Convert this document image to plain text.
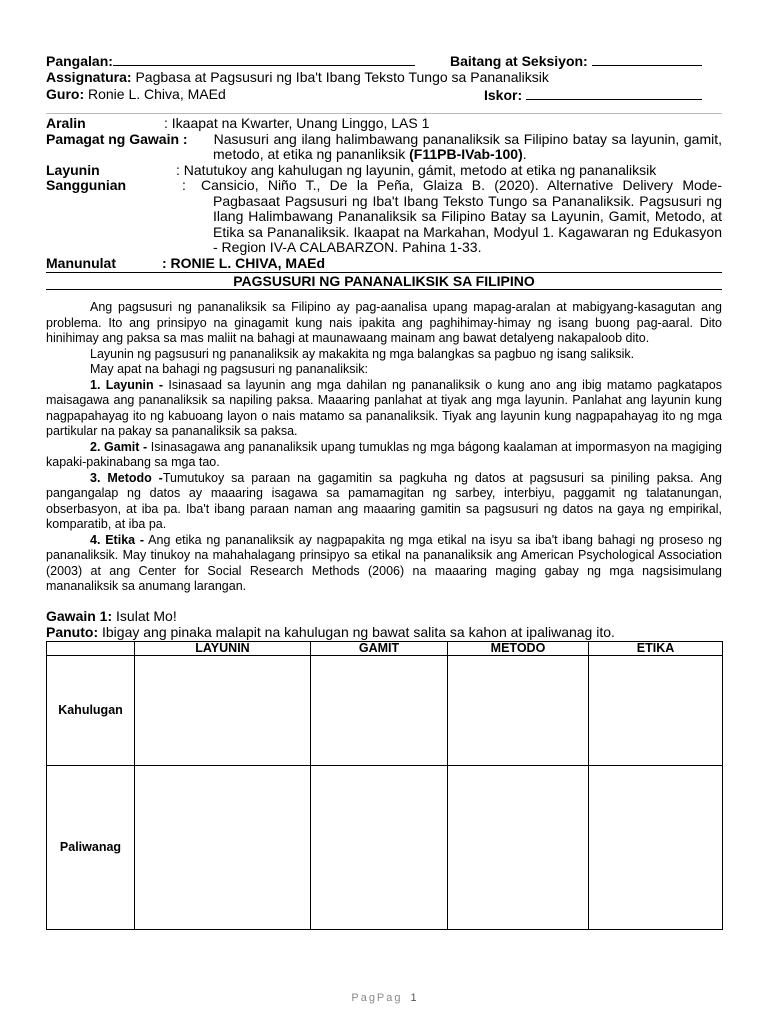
Pangalan:	Baitang at Seksiyon:
Assignatura: Pagbasa at Pagsusuri ng Iba't Ibang Teksto Tungo sa Pananaliksik
Guro: Ronie L. Chiva, MAEd	Iskor:
Aralin	: Ikaapat na Kwarter, Unang Linggo, LAS 1
Pamagat ng Gawain : Nasusuri ang ilang halimbawang pananaliksik sa Filipino batay sa layunin, gamit, metodo, at etika ng pananliksik (F11PB-IVab-100).
Layunin	: Natutukoy ang kahulugan ng layunin, gámit, metodo at etika ng pananaliksik
Sanggunian	:	Cansicio, Niño T., De la Peña, Glaiza B. (2020). Alternative Delivery Mode- Pagbasaat Pagsusuri ng Iba't Ibang Teksto Tungo sa Pananaliksik. Pagsusuri ng Ilang Halimbawang Pananaliksik sa Filipino Batay sa Layunin, Gamit, Metodo, at Etika sa Pananaliksik. Ikaapat na Markahan, Modyul 1. Kagawaran ng Edukasyon - Region IV-A CALABARZON. Pahina 1-33.
Manunulat	: RONIE L. CHIVA, MAEd
PAGSUSURI NG PANANALIKSIK SA FILIPINO

Ang pagsusuri ng pananaliksik sa Filipino ay pag-aanalisa upang mapag-aralan at mabigyang-kasagutan ang problema. Ito ang prinsipyo na ginagamit kung nais ipakita ang paghihimay-himay ng isang buong pag-aaral. Dito hinihimay ang paksa sa mas maliit na bahagi at maunawaang mainam ang bawat detalyeng nakapaloob dito.

Layunin ng pagsusuri ng pananaliksik ay makakita ng mga balangkas sa pagbuo ng isang saliksik.

May apat na bahagi ng pagsusuri ng pananaliksik:

1. Layunin - Isinasaad sa layunin ang mga dahilan ng pananaliksik o kung ano ang ibig matamo pagkatapos maisagawa ang pananaliksik sa napiling paksa. Maaaring panlahat at tiyak ang mga layunin. Panlahat ang layunin kung nagpapahayag ito ng kabuoang layon o nais matamo sa pananaliksik. Tiyak ang layunin kung nagpapahayag ito ng mga partikular na pakay sa pananaliksik sa paksa.

2. Gamit - Isinasagawa ang pananaliksik upang tumuklas ng mga bágong kaalaman at impormasyon na magiging kapaki-pakinabang sa mga tao.

3. Metodo -Tumutukoy sa paraan na gagamitin sa pagkuha ng datos at pagsusuri sa piniling paksa. Ang pangangalap ng datos ay maaaring isagawa sa pamamagitan ng sarbey, interbiyu, paggamit ng talatanungan, obserbasyon, at iba pa. Iba't ibang paraan naman ang maaaring gamitin sa pagsusuri ng datos na gaya ng empirikal, komparatib, at iba pa.

4. Etika - Ang etika ng pananaliksik ay nagpapakita ng mga etikal na isyu sa iba't ibang bahagi ng proseso ng pananaliksik. May tinukoy na mahahalagang prinsipyo sa etikal na pananaliksik ang American Psychological Association (2003) at ang Center for Social Research Methods (2006) na maaaring maging gabay ng mga nagsisimulang mananaliksik sa anumang larangan.

Gawain 1: Isulat Mo!
Panuto: Ibigay ang pinaka malapit na kahulugan ng bawat salita sa kahon at ipaliwanag ito.
	LAYUNIN	GAMIT	METODO	ETIKA
Kahulugan				
Paliwanag				
PagPag 1
